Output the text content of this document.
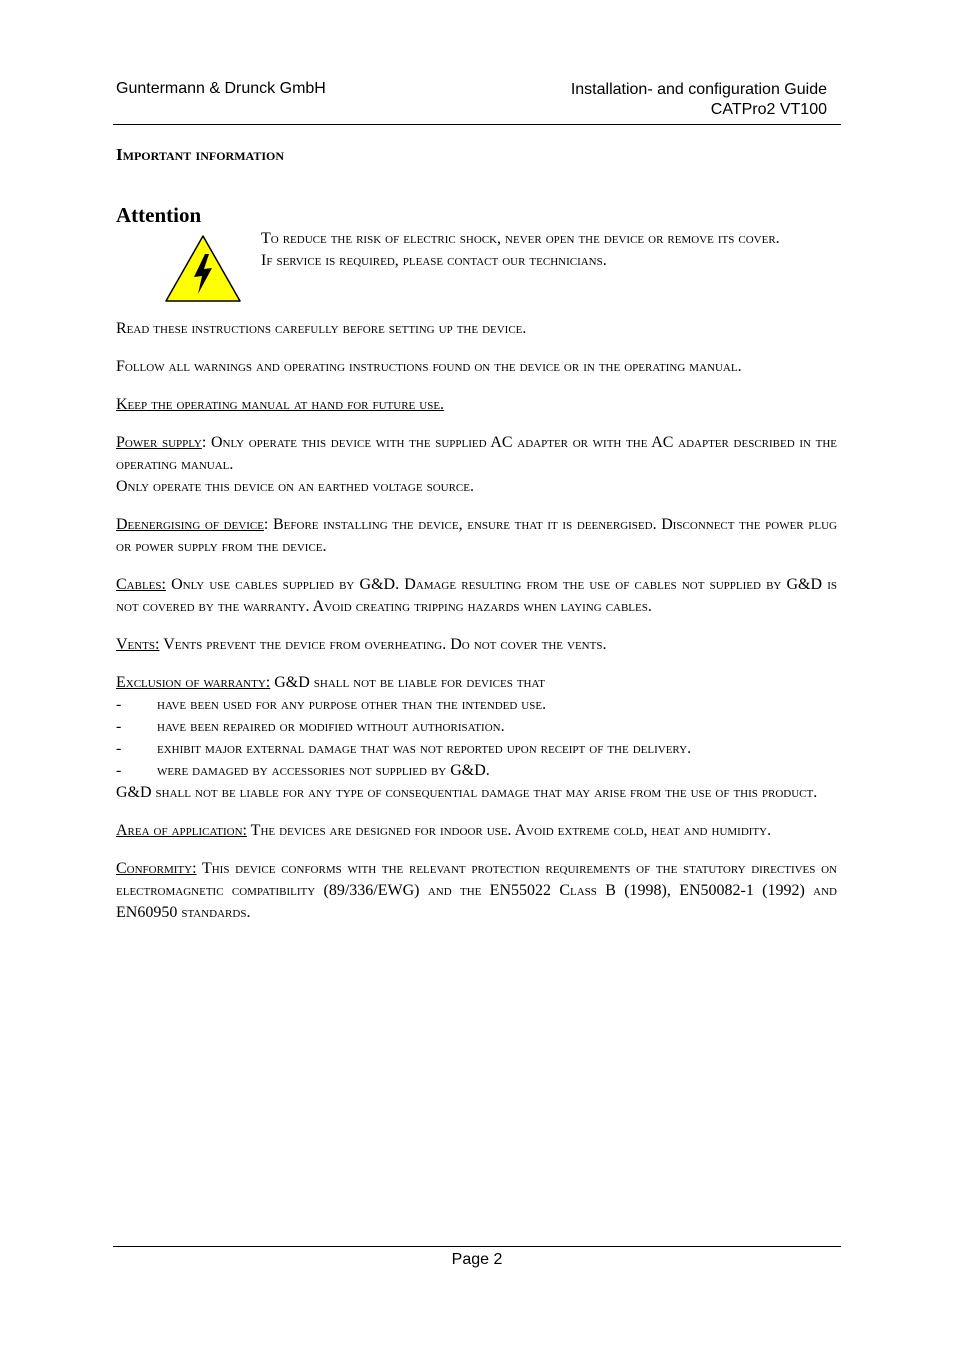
Guntermann & Drunck GmbH	Installation- and configuration Guide
CATPro2 VT100
Important information
Attention
To reduce the risk of electric shock, never open the device or remove its cover.
If service is required, please contact our technicians.

Read these instructions carefully before setting up the device.

Follow all warnings and operating instructions found on the device or in the operating manual.

Keep the operating manual at hand for future use.

Power supply: Only operate this device with the supplied AC adapter or with the AC adapter described in the operating manual.
Only operate this device on an earthed voltage source.

Deenergising of device: Before installing the device, ensure that it is deenergised. Disconnect the power plug or power supply from the device.

Cables: Only use cables supplied by G&D. Damage resulting from the use of cables not supplied by G&D is not covered by the warranty. Avoid creating tripping hazards when laying cables.

Vents: Vents prevent the device from overheating. Do not cover the vents.

Exclusion of warranty: G&D shall not be liable for devices that
- have been used for any purpose other than the intended use.
- have been repaired or modified without authorisation.
- exhibit major external damage that was not reported upon receipt of the delivery.
- were damaged by accessories not supplied by G&D.

G&D shall not be liable for any type of consequential damage that may arise from the use of this product.

Area of application: The devices are designed for indoor use. Avoid extreme cold, heat and humidity.

Conformity: This device conforms with the relevant protection requirements of the statutory directives on electromagnetic compatibility (89/336/EWG) and the EN55022 Class B (1998), EN50082-1 (1992) and EN60950 standards.

Page 2
